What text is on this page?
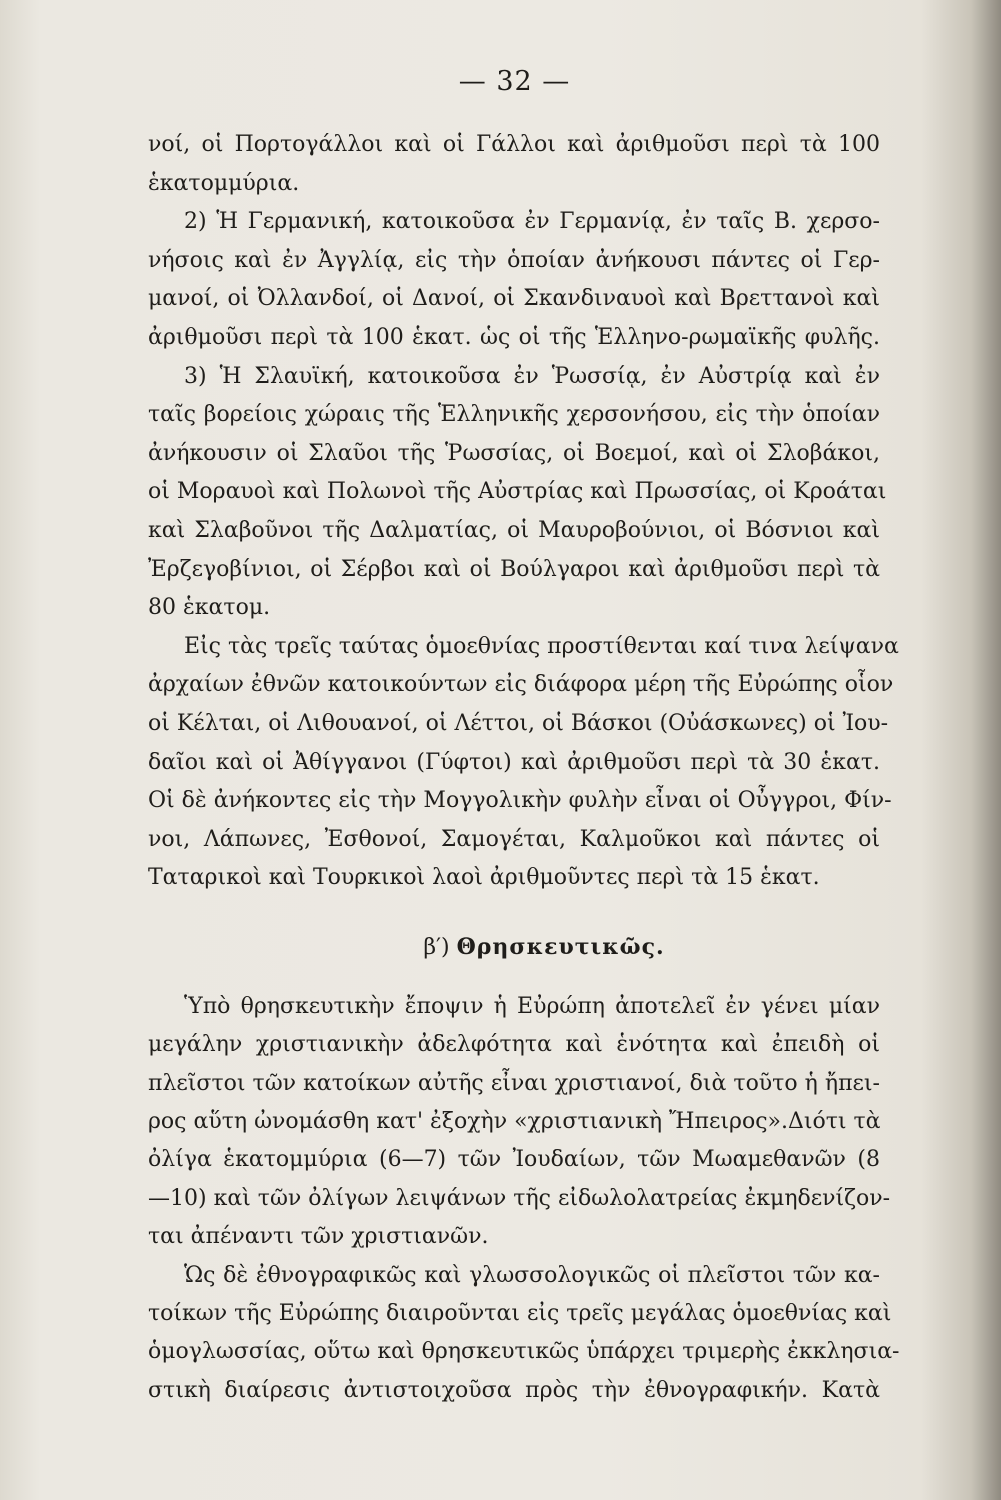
— 32 —
νοί, οἱ Πορτογάλλοι καὶ οἱ Γάλλοι καὶ ἀριθμοῦσι περὶ τὰ 100
ἑκατομμύρια.
2) Ἡ Γερμανική, κατοικοῦσα ἐν Γερμανίᾳ, ἐν ταῖς Β. χερσο-
νήσοις καὶ ἐν Ἀγγλίᾳ, εἰς τὴν ὁποίαν ἀνήκουσι πάντες οἱ Γερ-
μανοί, οἱ Ὀλλανδοί, οἱ Δανοί, οἱ Σκανδιναυοὶ καὶ Βρεττανοὶ καὶ
ἀριθμοῦσι περὶ τὰ 100 ἑκατ. ὡς οἱ τῆς Ἑλληνο-ρωμαϊκῆς φυλῆς.
3) Ἡ Σλαυϊκή, κατοικοῦσα ἐν Ῥωσσίᾳ, ἐν Αὐστρίᾳ καὶ ἐν
ταῖς βορείοις χώραις τῆς Ἑλληνικῆς χερσονήσου, εἰς τὴν ὁποίαν
ἀνήκουσιν οἱ Σλαῦοι τῆς Ῥωσσίας, οἱ Βοεμοί, καὶ οἱ Σλοβάκοι,
οἱ Μοραυοὶ καὶ Πολωνοὶ τῆς Αὐστρίας καὶ Πρωσσίας, οἱ Κροάται
καὶ Σλαβοῦνοι τῆς Δαλματίας, οἱ Μαυροβούνιοι, οἱ Βόσνιοι καὶ
Ἐρζεγοβίνιοι, οἱ Σέρβοι καὶ οἱ Βούλγαροι καὶ ἀριθμοῦσι περὶ τὰ
80 ἑκατομ.
Εἰς τὰς τρεῖς ταύτας ὁμοεθνίας προστίθενται καί τινα λείψανα
ἀρχαίων ἐθνῶν κατοικούντων εἰς διάφορα μέρη τῆς Εὐρώπης οἷον
οἱ Κέλται, οἱ Λιθουανοί, οἱ Λέττοι, οἱ Βάσκοι (Οὐάσκωνες) οἱ Ἰου-
δαῖοι καὶ οἱ Ἀθίγγανοι (Γύφτοι) καὶ ἀριθμοῦσι περὶ τὰ 30 ἑκατ.
Οἱ δὲ ἀνήκοντες εἰς τὴν Μογγολικὴν φυλὴν εἶναι οἱ Οὖγγροι, Φίν-
νοι, Λάπωνες, Ἐσθονοί, Σαμογέται, Καλμοῦκοι καὶ πάντες οἱ
Ταταρικοὶ καὶ Τουρκικοὶ λαοὶ ἀριθμοῦντες περὶ τὰ 15 ἑκατ.
β′) Θρησκευτικῶς.
Ὑπὸ θρησκευτικὴν ἔποψιν ἡ Εὐρώπη ἀποτελεῖ ἐν γένει μίαν
μεγάλην χριστιανικὴν ἀδελφότητα καὶ ἑνότητα καὶ ἐπειδὴ οἱ
πλεῖστοι τῶν κατοίκων αὐτῆς εἶναι χριστιανοί, διὰ τοῦτο ἡ ἤπει-
ρος αὕτη ὠνομάσθη κατ' ἐξοχὴν «χριστιανικὴ Ἤπειρος».Διότι τὰ
ὀλίγα ἑκατομμύρια (6—7) τῶν Ἰουδαίων, τῶν Μωαμεθανῶν (8
—10) καὶ τῶν ὀλίγων λειψάνων τῆς εἰδωλολατρείας ἐκμηδενίζον-
ται ἀπέναντι τῶν χριστιανῶν.
Ὡς δὲ ἐθνογραφικῶς καὶ γλωσσολογικῶς οἱ πλεῖστοι τῶν κα-
τοίκων τῆς Εὐρώπης διαιροῦνται εἰς τρεῖς μεγάλας ὁμοεθνίας καὶ
ὁμογλωσσίας, οὕτω καὶ θρησκευτικῶς ὑπάρχει τριμερὴς ἐκκλησια-
στικὴ διαίρεσις ἀντιστοιχοῦσα πρὸς τὴν ἐθνογραφικήν. Κατὰ
